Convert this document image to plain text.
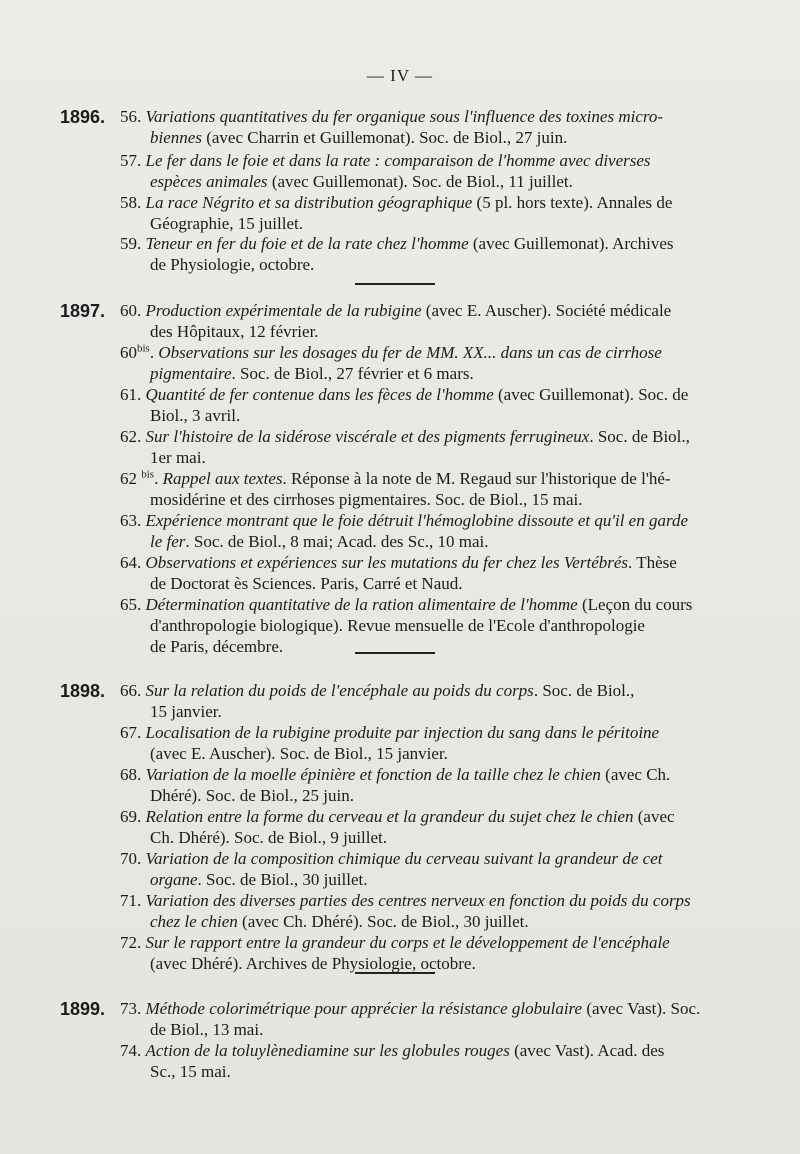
— IV —
1896. 56. Variations quantitatives du fer organique sous l'influence des toxines micro-
biennes (avec Charrin et Guillemonat). Soc. de Biol., 27 juin.
57. Le fer dans le foie et dans la rate : comparaison de l'homme avec diverses
espèces animales (avec Guillemonat). Soc. de Biol., 11 juillet.
58. La race Négrito et sa distribution géographique (5 pl. hors texte). Annales de
Géographie, 15 juillet.
59. Teneur en fer du foie et de la rate chez l'homme (avec Guillemonat). Archives
de Physiologie, octobre.
1897. 60. Production expérimentale de la rubigine (avec E. Auscher). Société médicale
des Hôpitaux, 12 février.
$60^{bis}$. Observations sur les dosages du fer de MM. XX... dans un cas de cirrhose
pigmentaire. Soc. de Biol., 27 février et 6 mars.
61. Quantité de fer contenue dans les fèces de l'homme (avec Guillemonat). Soc. de
Biol., 3 avril.
62. Sur l'histoire de la sidérose viscérale et des pigments ferrugineux. Soc. de Biol.,
1er mai.
62 $^{bis}$. Rappel aux textes. Réponse à la note de M. Regaud sur l'historique de l'hé-
mosidérine et des cirrhoses pigmentaires. Soc. de Biol., 15 mai.
63. Expérience montrant que le foie détruit l'hémoglobine dissoute et qu'il en garde
le fer. Soc. de Biol., 8 mai; Acad. des Sc., 10 mai.
64. Observations et expériences sur les mutations du fer chez les Vertébrés. Thèse
de Doctorat ès Sciences. Paris, Carré et Naud.
65. Détermination quantitative de la ration alimentaire de l'homme (Leçon du cours
d'anthropologie biologique). Revue mensuelle de l'Ecole d'anthropologie
de Paris, décembre.
1898. 66. Sur la relation du poids de l'encéphale au poids du corps. Soc. de Biol.,
15 janvier.
67. Localisation de la rubigine produite par injection du sang dans le péritoine
(avec E. Auscher). Soc. de Biol., 15 janvier.
68. Variation de la moelle épinière et fonction de la taille chez le chien (avec Ch.
Dhéré). Soc. de Biol., 25 juin.
69. Relation entre la forme du cerveau et la grandeur du sujet chez le chien (avec
Ch. Dhéré). Soc. de Biol., 9 juillet.
70. Variation de la composition chimique du cerveau suivant la grandeur de cet
organe. Soc. de Biol., 30 juillet.
71. Variation des diverses parties des centres nerveux en fonction du poids du corps
chez le chien (avec Ch. Dhéré). Soc. de Biol., 30 juillet.
72. Sur le rapport entre la grandeur du corps et le développement de l'encéphale
(avec Dhéré). Archives de Physiologie, octobre.
1899. 73. Méthode colorimétrique pour apprécier la résistance globulaire (avec Vast). Soc.
de Biol., 13 mai.
74. Action de la toluylènediamine sur les globules rouges (avec Vast). Acad. des
Sc., 15 mai.
